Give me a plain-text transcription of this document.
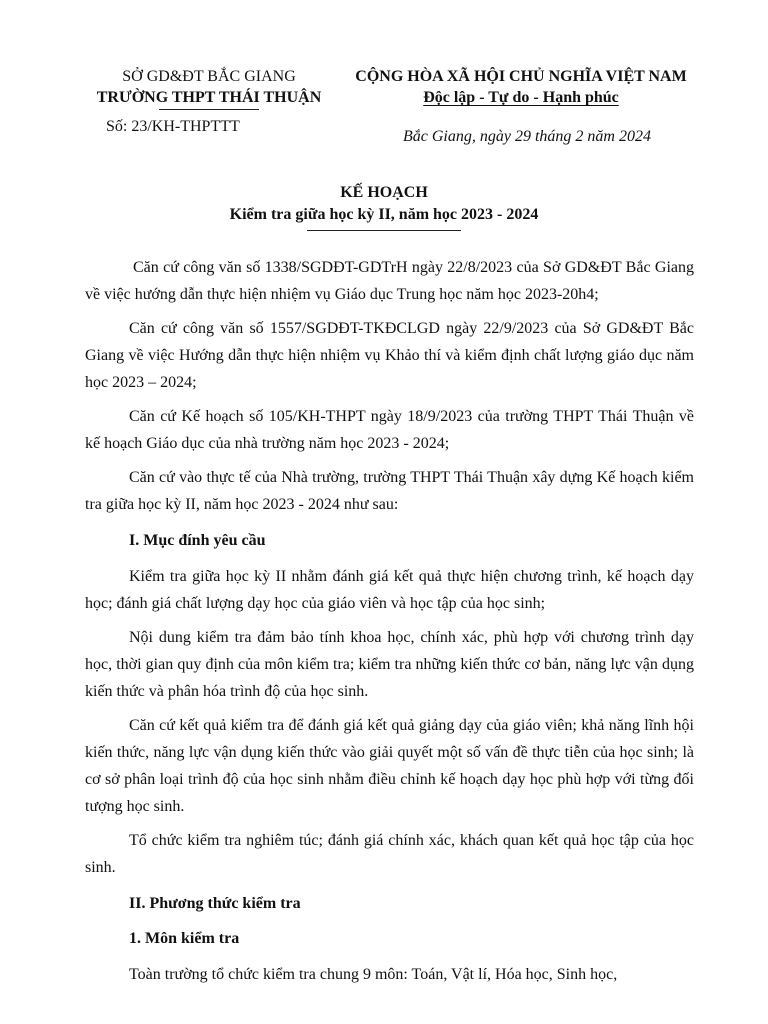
SỞ GD&ĐT BẮC GIANG
TRƯỜNG THPT THÁI THUẬN
Số: 23/KH-THPTTT
CỘNG HÒA XÃ HỘI CHỦ NGHĨA VIỆT NAM
Độc lập - Tự do - Hạnh phúc
Bắc Giang, ngày 29 tháng 2 năm 2024
KẾ HOẠCH
Kiểm tra giữa học kỳ II, năm học 2023 - 2024

Căn cứ công văn số 1338/SGDĐT-GDTrH ngày 22/8/2023 của Sở GD&ĐT Bắc Giang về việc hướng dẫn thực hiện nhiệm vụ Giáo dục Trung học năm học 2023-20h4;

Căn cứ công văn số 1557/SGDĐT-TKĐCLGD ngày 22/9/2023 của Sở GD&ĐT Bắc Giang về việc Hướng dẫn thực hiện nhiệm vụ Khảo thí và kiểm định chất lượng giáo dục năm học 2023 – 2024;

Căn cứ Kế hoạch số 105/KH-THPT ngày 18/9/2023 của trường THPT Thái Thuận về kế hoạch Giáo dục của nhà trường năm học 2023 - 2024;

Căn cứ vào thực tế của Nhà trường, trường THPT Thái Thuận xây dựng Kế hoạch kiểm tra giữa học kỳ II, năm học 2023 - 2024 như sau:

I. Mục đính yêu cầu

Kiểm tra giữa học kỳ II nhằm đánh giá kết quả thực hiện chương trình, kế hoạch dạy học; đánh giá chất lượng dạy học của giáo viên và học tập của học sinh;

Nội dung kiểm tra đảm bảo tính khoa học, chính xác, phù hợp với chương trình dạy học, thời gian quy định của môn kiểm tra; kiểm tra những kiến thức cơ bản, năng lực vận dụng kiến thức và phân hóa trình độ của học sinh.

Căn cứ kết quả kiểm tra để đánh giá kết quả giảng dạy của giáo viên; khả năng lĩnh hội kiến thức, năng lực vận dụng kiến thức vào giải quyết một số vấn đề thực tiễn của học sinh; là cơ sở phân loại trình độ của học sinh nhằm điều chỉnh kế hoạch dạy học phù hợp với từng đối tượng học sinh.

Tổ chức kiểm tra nghiêm túc; đánh giá chính xác, khách quan kết quả học tập của học sinh.

II. Phương thức kiểm tra
1. Môn kiểm tra

Toàn trường tổ chức kiểm tra chung 9 môn: Toán, Vật lí, Hóa học, Sinh học,
